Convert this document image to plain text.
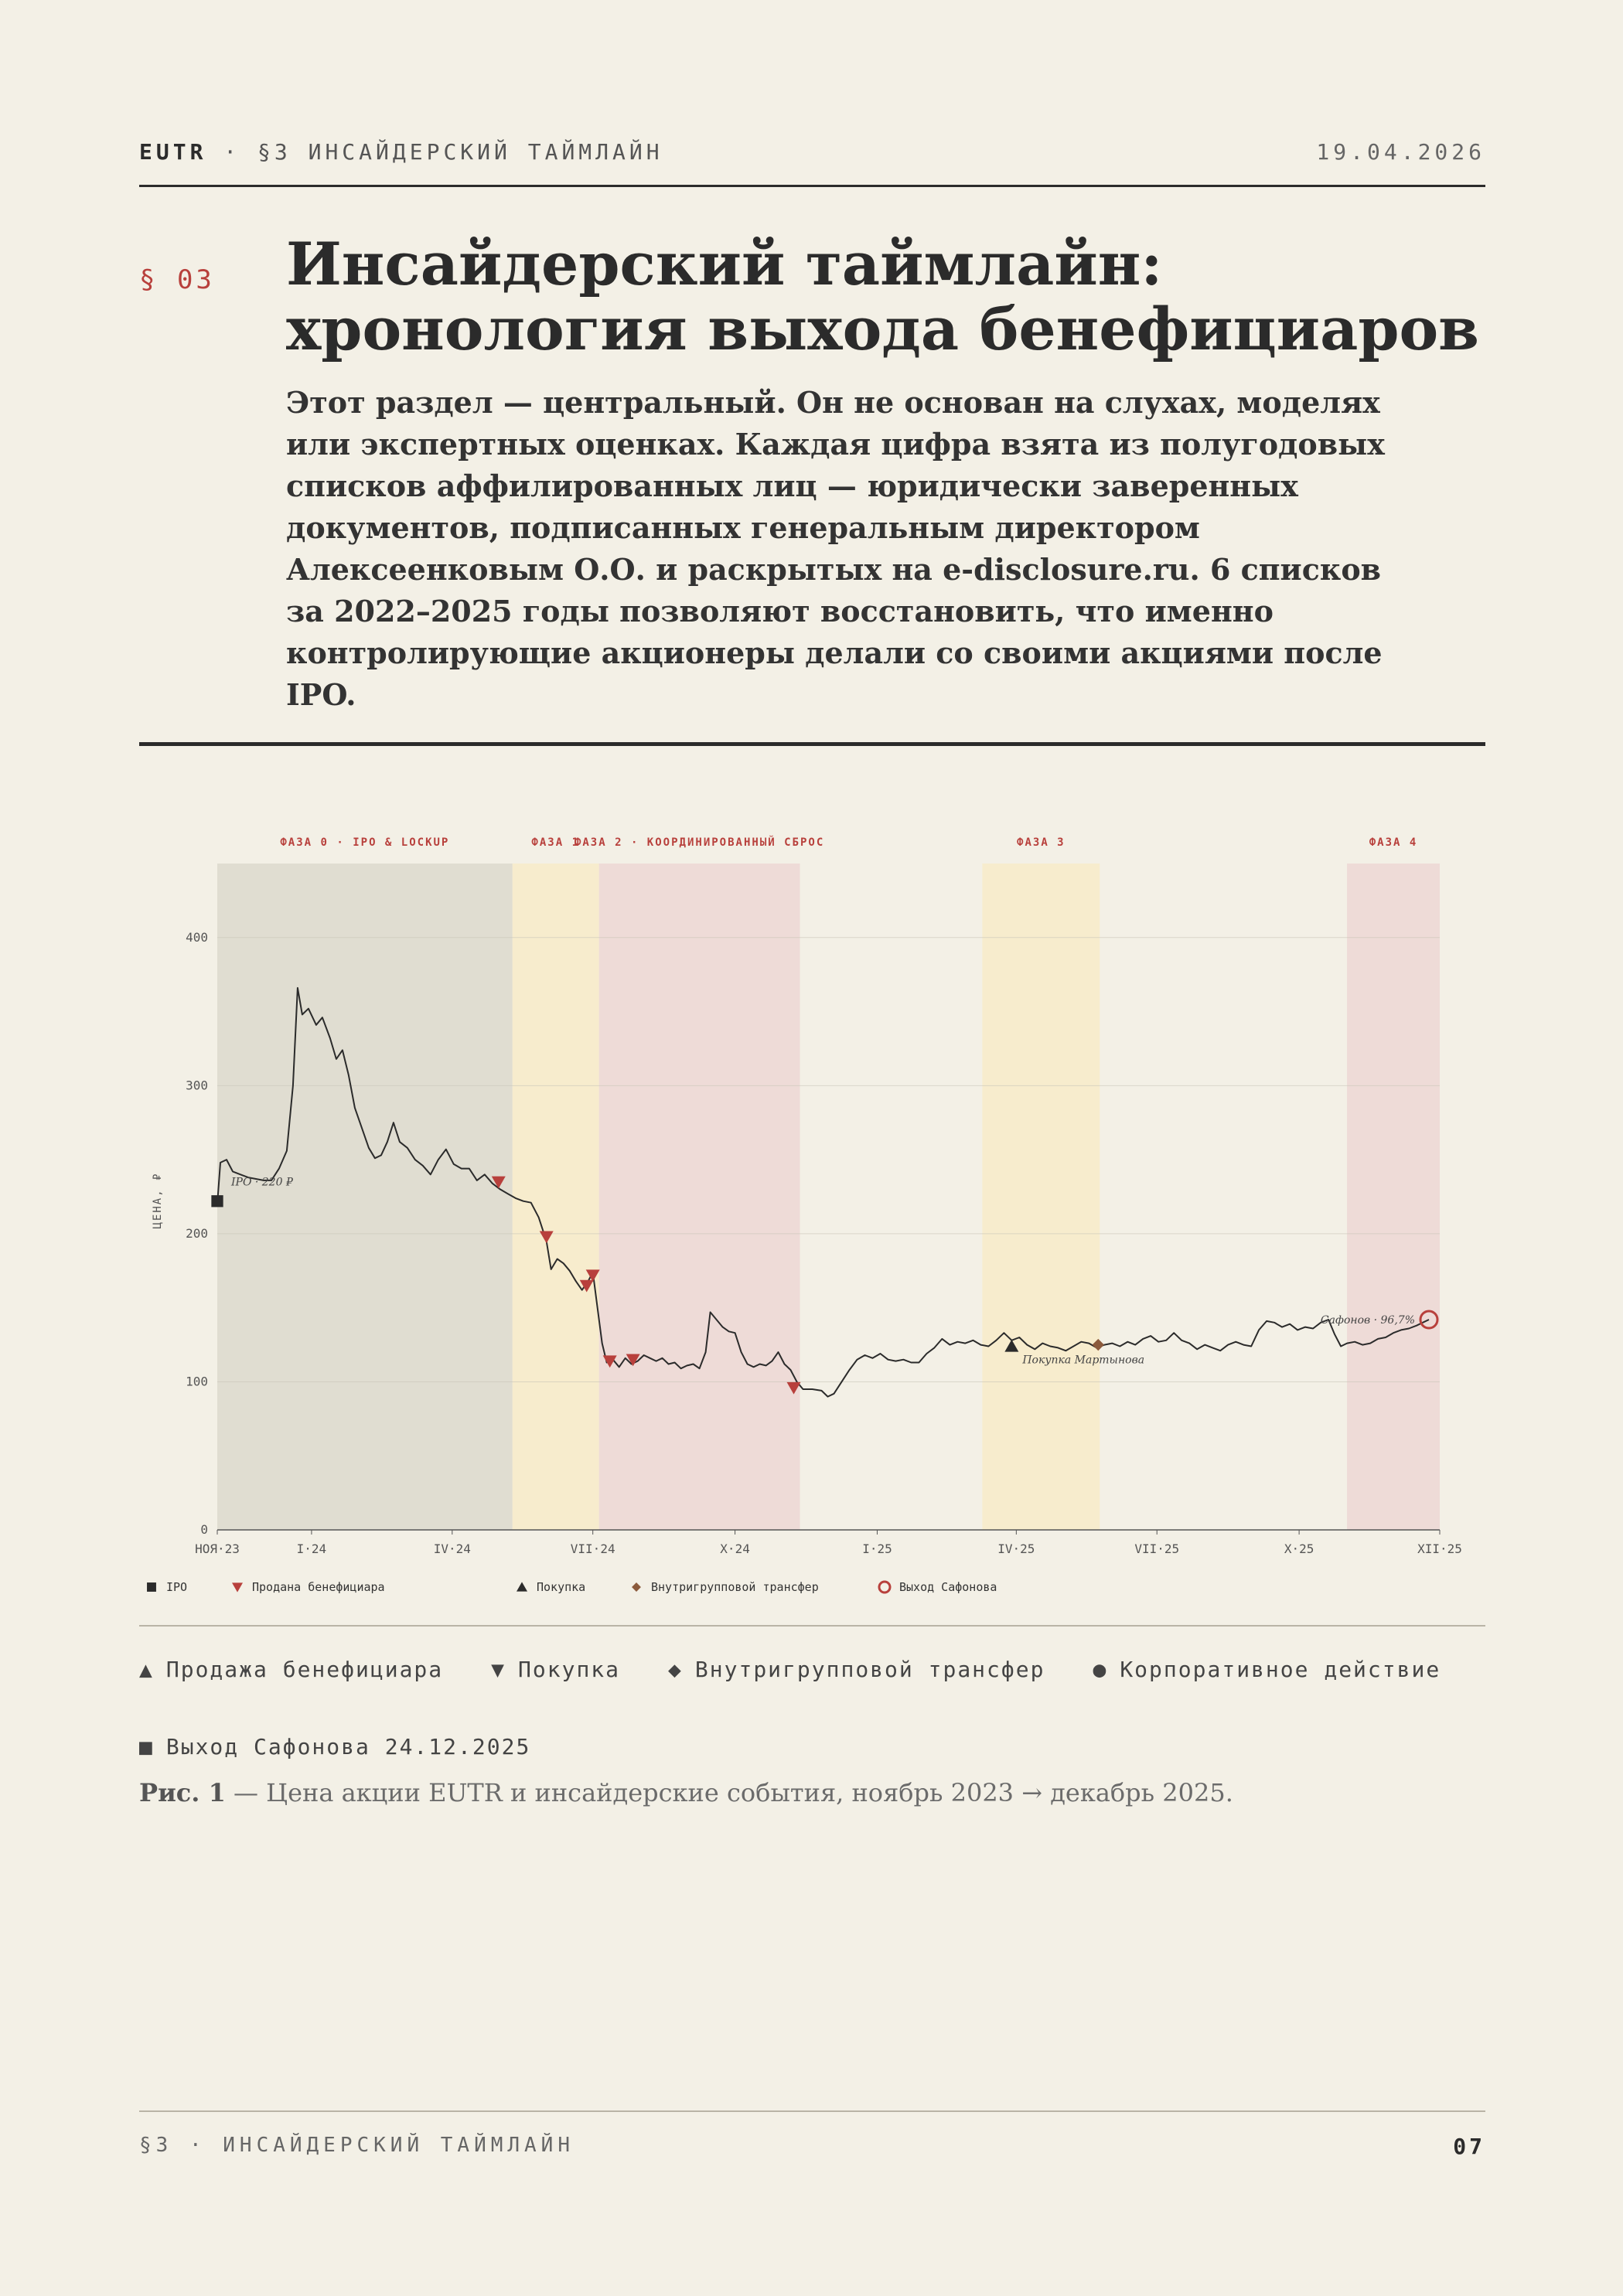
EUTR · §3 ИНСАЙДЕРСКИЙ ТАЙМЛАЙН	19.04.2026
§ 03 Инсайдерский таймлайн: хронология выхода бенефициаров
Этот раздел — центральный. Он не основан на слухах, моделях или экспертных оценках. Каждая цифра взята из полугодовых списков аффилированных лиц — юридически заверенных документов, подписанных генеральным директором Алексеенковым О.О. и раскрытых на e-disclosure.ru. 6 списков за 2022–2025 годы позволяют восстановить, что именно контролирующие акционеры делали со своими акциями после IPO.
ФАЗА 0 · IPO & LOCKUP	ФАЗА 1
ФАЗА 2 · КООРДИНИРОВАННЫЙ СБРОС	ФАЗА 3	ФАЗА 4
0
100
200
300
400
НОЯ·23	I·24	IV·24	VII·24	X·24	I·25	IV·25	VII·25	X·25	XII·25
ЦЕНА, ₽	IPO · 220 ₽
Покупка Мартынова
Сафонов · 96,7%
IPO	Продана бенефициара	Покупка	Внутригрупповой трансфер	Выход Сафонова
▲ Продажа бенефициара ▼ Покупка ◆ Внутригрупповой трансфер ● Корпоративное действие
■ Выход Сафонова 24.12.2025
Рис. 1 — Цена акции EUTR и инсайдерские события, ноябрь 2023 → декабрь 2025.
§3 · ИНСАЙДЕРСКИЙ ТАЙМЛАЙН	07
